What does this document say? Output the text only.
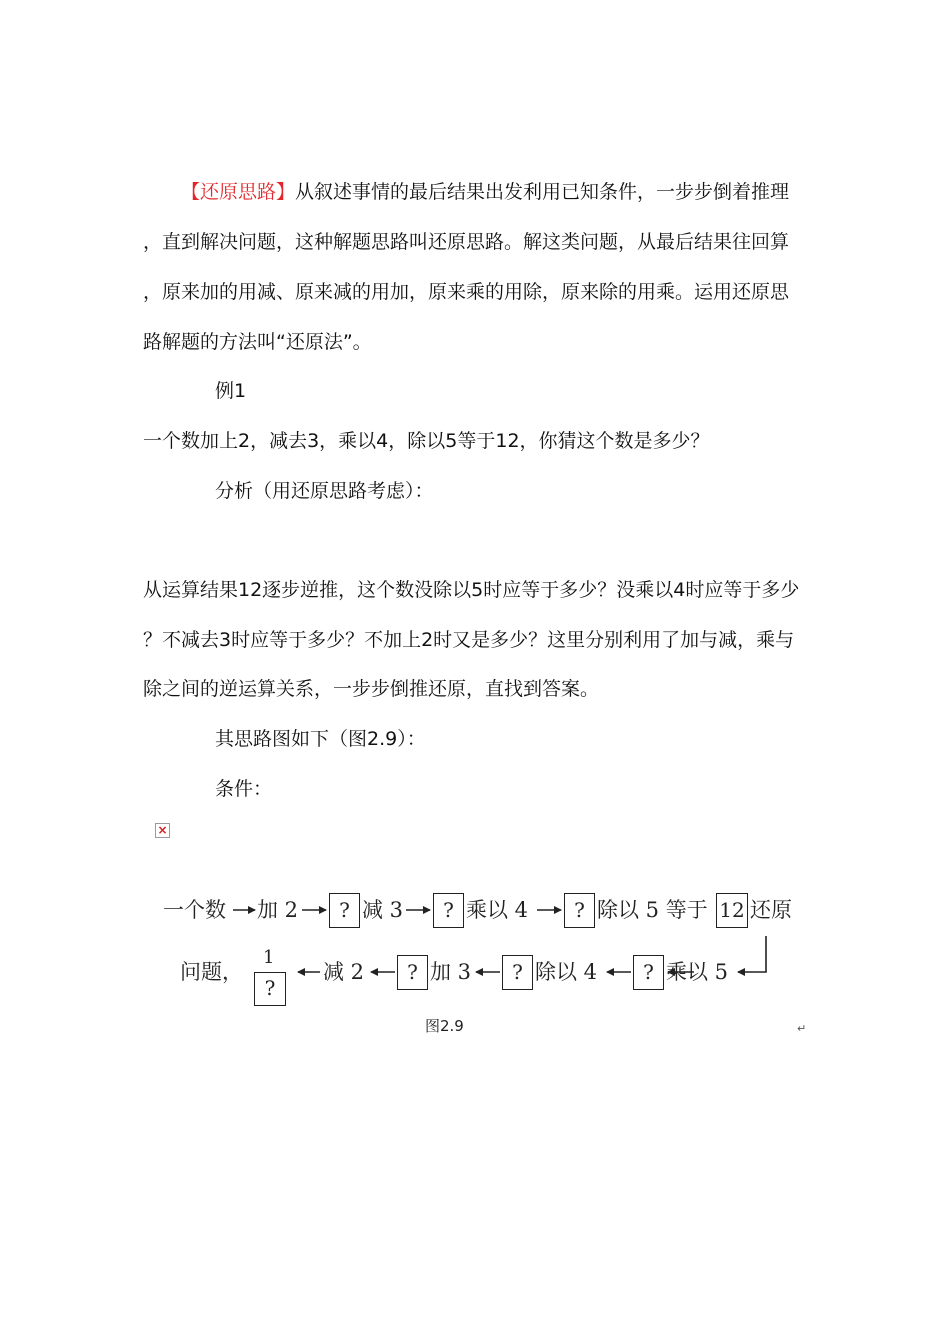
【还原思路】从叙述事情的最后结果出发利用已知条件，一步步倒着推理
，直到解决问题，这种解题思路叫还原思路。解这类问题，从最后结果往回算
，原来加的用减、原来减的用加，原来乘的用除，原来除的用乘。运用还原思
路解题的方法叫“还原法”。
例1
一个数加上2，减去3，乘以4，除以5等于12，你猜这个数是多少？
分析（用还原思路考虑）：
从运算结果12逐步逆推，这个数没除以5时应等于多少？没乘以4时应等于多少
？不减去3时应等于多少？不加上2时又是多少？这里分别利用了加与减，乘与
除之间的逆运算关系，一步步倒推还原，直找到答案。
其思路图如下（图2.9）：
条件：
×
一个数 加 2	? 减 3	? 乘以 4	? 除以 5 等于 12 还原
问题，
1
?
减 2	? 加 3	? 除以 4	? 乘以 5
图2.9	↵
